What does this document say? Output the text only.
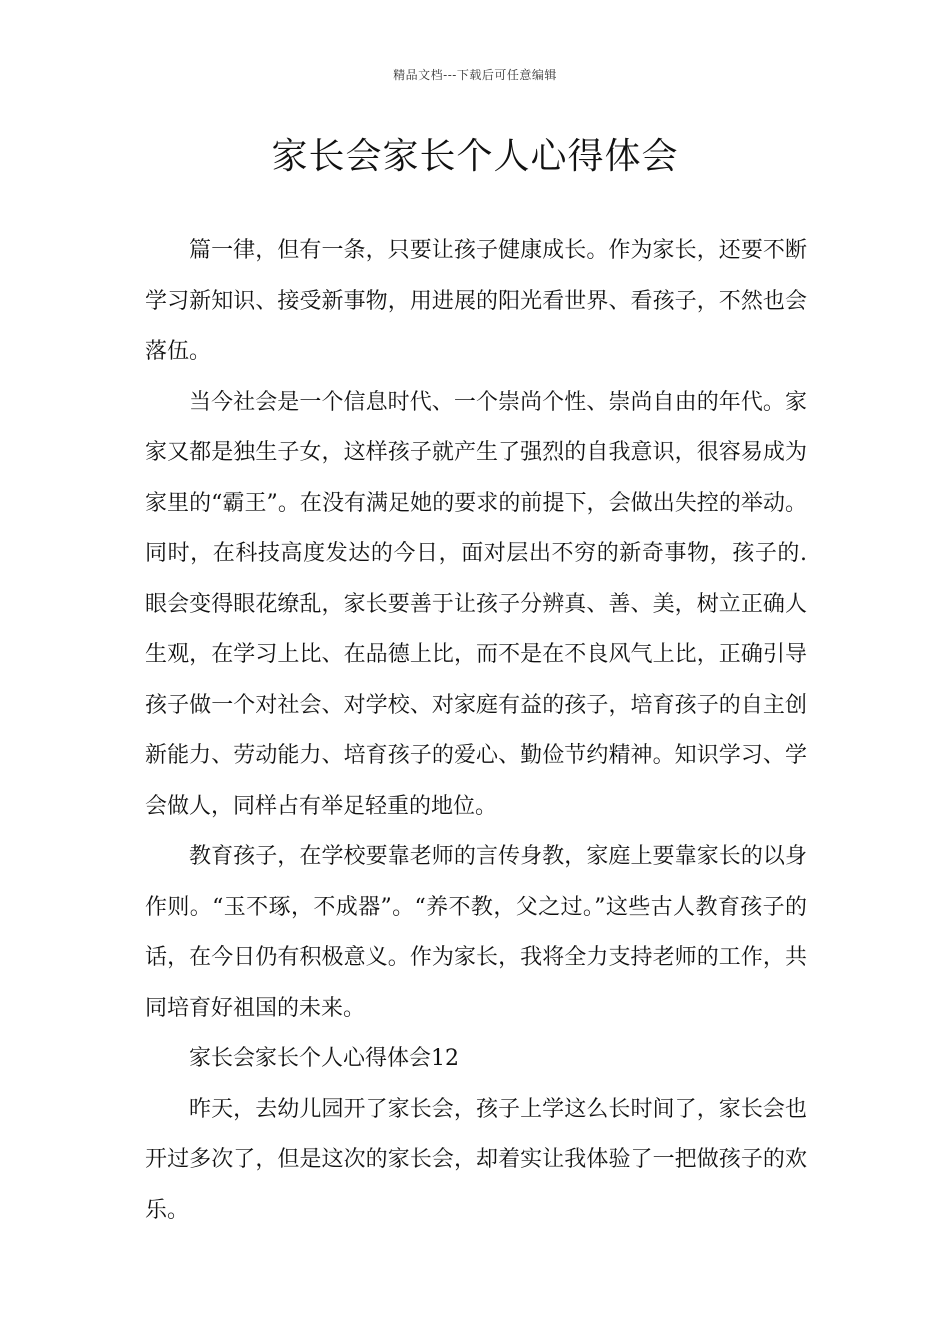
精品文档---下载后可任意编辑
家长会家长个人心得体会

篇一律，但有一条，只要让孩子健康成长。作为家长，还要不断学习新知识、接受新事物，用进展的阳光看世界、看孩子，不然也会落伍。

当今社会是一个信息时代、一个崇尚个性、崇尚自由的年代。家家又都是独生子女，这样孩子就产生了强烈的自我意识，很容易成为家里的“霸王”。在没有满足她的要求的前提下，会做出失控的举动。同时，在科技高度发达的今日，面对层出不穷的新奇事物，孩子的.眼会变得眼花缭乱，家长要善于让孩子分辨真、善、美，树立正确人生观，在学习上比、在品德上比，而不是在不良风气上比，正确引导孩子做一个对社会、对学校、对家庭有益的孩子，培育孩子的自主创新能力、劳动能力、培育孩子的爱心、勤俭节约精神。知识学习、学会做人，同样占有举足轻重的地位。

教育孩子，在学校要靠老师的言传身教，家庭上要靠家长的以身作则。“玉不琢，不成器”。“养不教，父之过。”这些古人教育孩子的话，在今日仍有积极意义。作为家长，我将全力支持老师的工作，共同培育好祖国的未来。

家长会家长个人心得体会12

昨天，去幼儿园开了家长会，孩子上学这么长时间了，家长会也开过多次了，但是这次的家长会，却着实让我体验了一把做孩子的欢乐。
